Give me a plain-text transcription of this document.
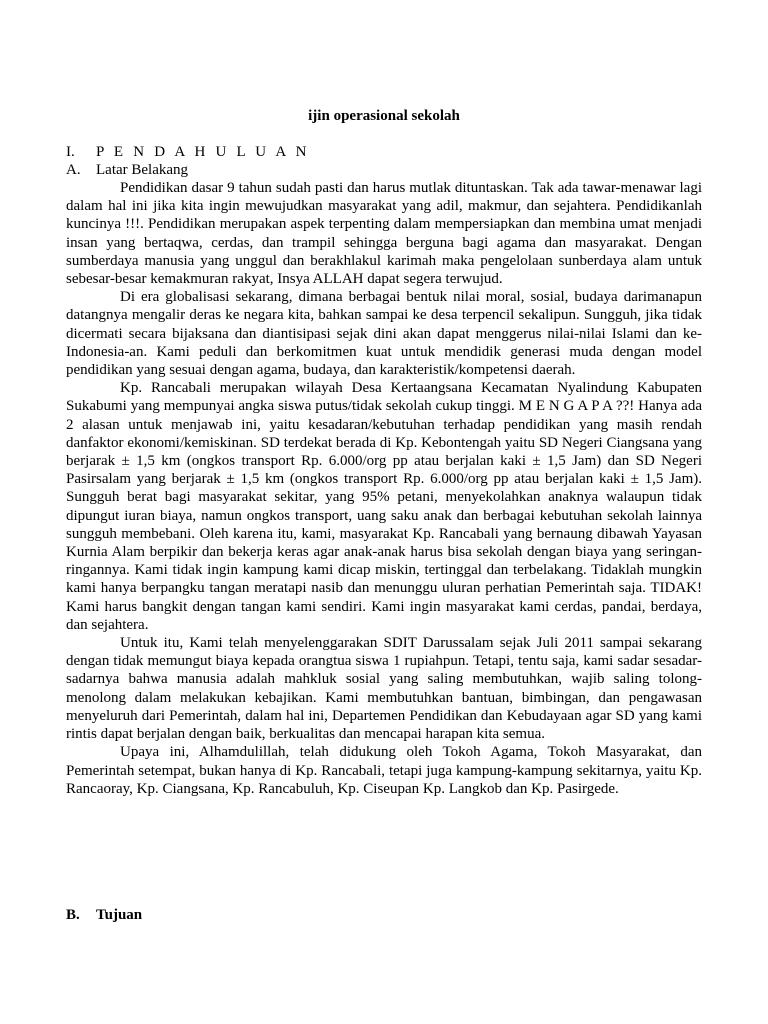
ijin operasional sekolah
I. P E N D A H U L U A N
A. Latar Belakang

Pendidikan dasar 9 tahun sudah pasti dan harus mutlak dituntaskan. Tak ada tawar-menawar lagi dalam hal ini jika kita ingin mewujudkan masyarakat yang adil, makmur, dan sejahtera. Pendidikanlah kuncinya !!!. Pendidikan merupakan aspek terpenting dalam mempersiapkan dan membina umat menjadi insan yang bertaqwa, cerdas, dan trampil sehingga berguna bagi agama dan masyarakat. Dengan sumberdaya manusia yang unggul dan berakhlakul karimah maka pengelolaan sunberdaya alam untuk sebesar-besar kemakmuran rakyat, Insya ALLAH dapat segera terwujud.

Di era globalisasi sekarang, dimana berbagai bentuk nilai moral, sosial, budaya darimanapun datangnya mengalir deras ke negara kita, bahkan sampai ke desa terpencil sekalipun. Sungguh, jika tidak dicermati secara bijaksana dan diantisipasi sejak dini akan dapat menggerus nilai-nilai Islami dan ke-Indonesia-an. Kami peduli dan berkomitmen kuat untuk mendidik generasi muda dengan model pendidikan yang sesuai dengan agama, budaya, dan karakteristik/kompetensi daerah.

Kp. Rancabali merupakan wilayah Desa Kertaangsana Kecamatan Nyalindung Kabupaten Sukabumi yang mempunyai angka siswa putus/tidak sekolah cukup tinggi. M E N G A P A ??! Hanya ada 2 alasan untuk menjawab ini, yaitu kesadaran/kebutuhan terhadap pendidikan yang masih rendah danfaktor ekonomi/kemiskinan. SD terdekat berada di Kp. Kebontengah yaitu SD Negeri Ciangsana yang berjarak ± 1,5 km (ongkos transport Rp. 6.000/org pp atau berjalan kaki ± 1,5 Jam) dan SD Negeri Pasirsalam yang berjarak ± 1,5 km (ongkos transport Rp. 6.000/org pp atau berjalan kaki ± 1,5 Jam). Sungguh berat bagi masyarakat sekitar, yang 95% petani, menyekolahkan anaknya walaupun tidak dipungut iuran biaya, namun ongkos transport, uang saku anak dan berbagai kebutuhan sekolah lainnya sungguh membebani. Oleh karena itu, kami, masyarakat Kp. Rancabali yang bernaung dibawah Yayasan Kurnia Alam berpikir dan bekerja keras agar anak-anak harus bisa sekolah dengan biaya yang seringan-ringannya. Kami tidak ingin kampung kami dicap miskin, tertinggal dan terbelakang. Tidaklah mungkin kami hanya berpangku tangan meratapi nasib dan menunggu uluran perhatian Pemerintah saja. TIDAK! Kami harus bangkit dengan tangan kami sendiri. Kami ingin masyarakat kami cerdas, pandai, berdaya, dan sejahtera.

Untuk itu, Kami telah menyelenggarakan SDIT Darussalam sejak Juli 2011 sampai sekarang dengan tidak memungut biaya kepada orangtua siswa 1 rupiahpun. Tetapi, tentu saja, kami sadar sesadar-sadarnya bahwa manusia adalah mahkluk sosial yang saling membutuhkan, wajib saling tolong-menolong dalam melakukan kebajikan. Kami membutuhkan bantuan, bimbingan, dan pengawasan menyeluruh dari Pemerintah, dalam hal ini, Departemen Pendidikan dan Kebudayaan agar SD yang kami rintis dapat berjalan dengan baik, berkualitas dan mencapai harapan kita semua.

Upaya ini, Alhamdulillah, telah didukung oleh Tokoh Agama, Tokoh Masyarakat, dan Pemerintah setempat, bukan hanya di Kp. Rancabali, tetapi juga kampung-kampung sekitarnya, yaitu Kp. Rancaoray, Kp. Ciangsana, Kp. Rancabuluh, Kp. Ciseupan Kp. Langkob dan Kp. Pasirgede.

B. Tujuan
